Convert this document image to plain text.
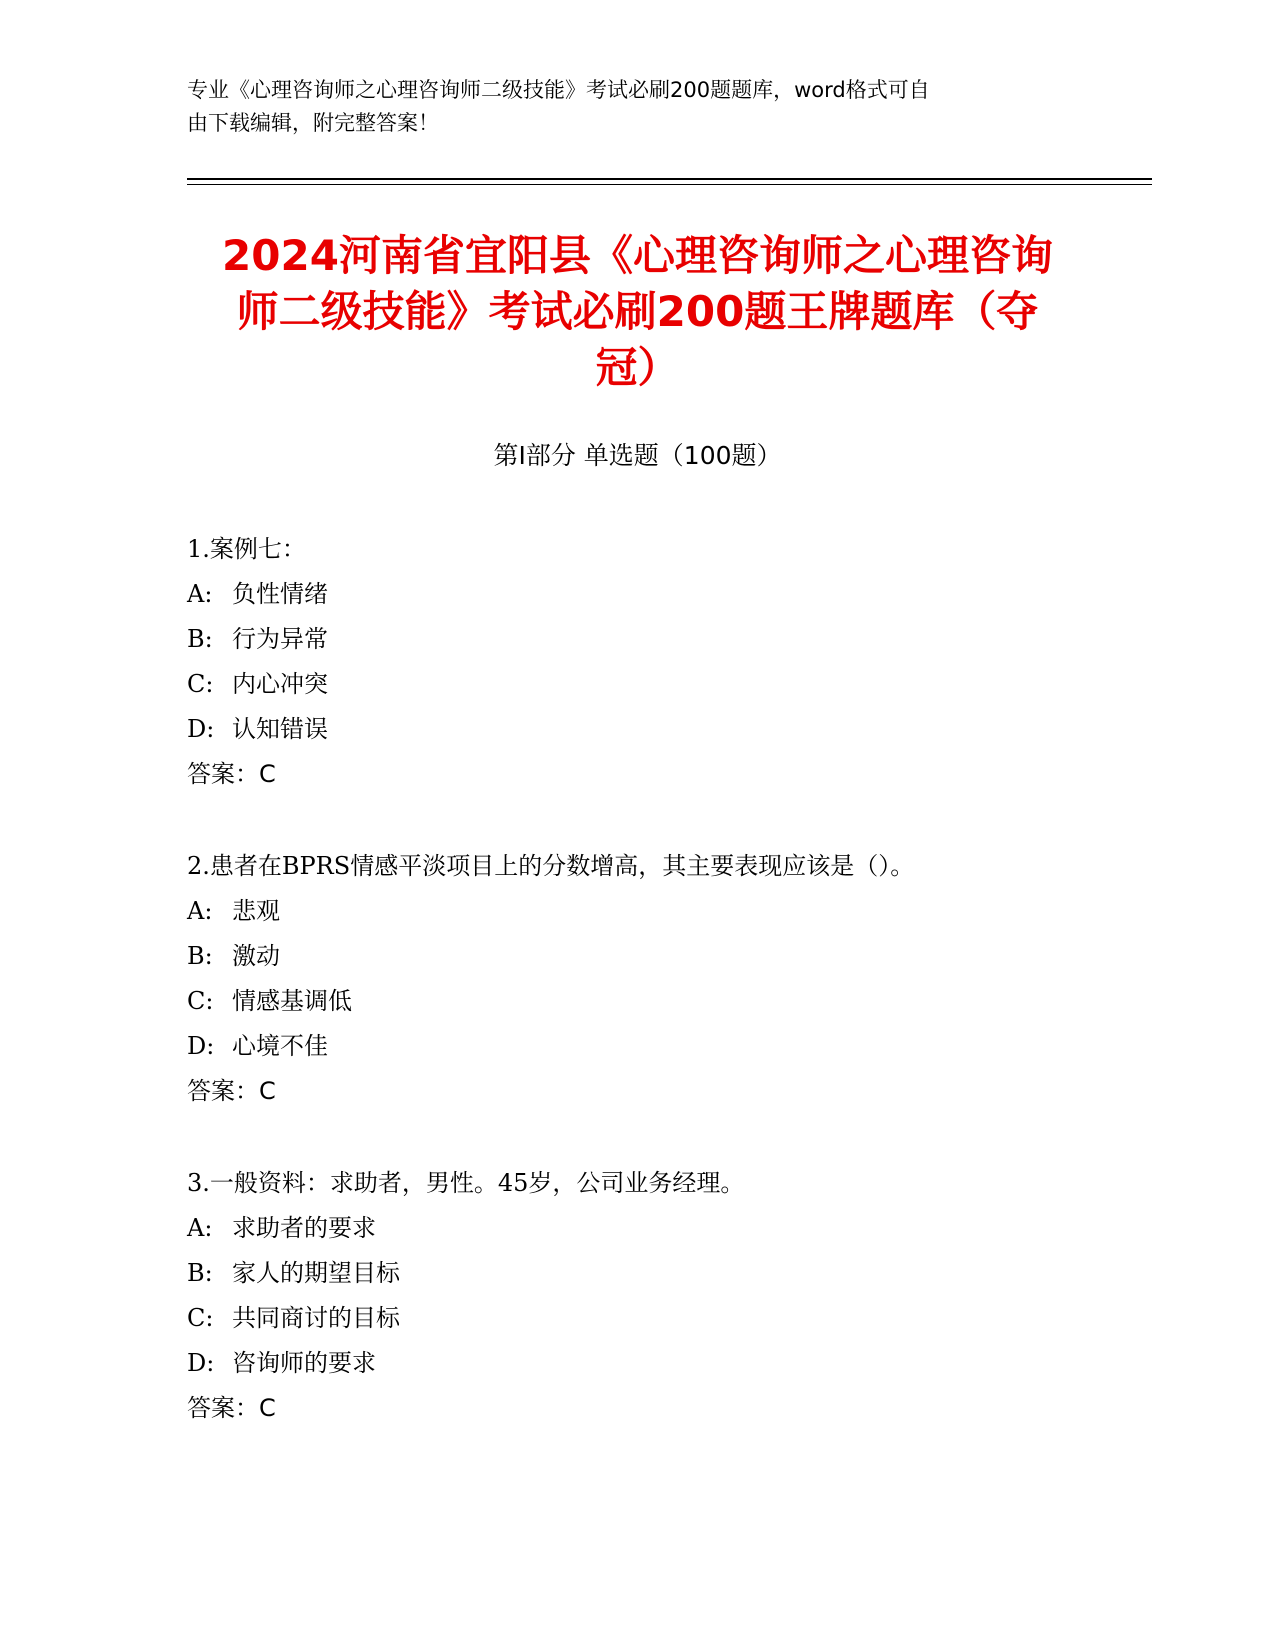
专业《心理咨询师之心理咨询师二级技能》考试必刷200题题库，word格式可自
由下载编辑，附完整答案！
2024河南省宜阳县《心理咨询师之心理咨询
师二级技能》考试必刷200题王牌题库（夺
冠）
第Ⅰ部分 单选题（100题）
1.案例七：
A: 负性情绪
B: 行为异常
C: 内心冲突
D: 认知错误
答案：C
2.患者在BPRS情感平淡项目上的分数增高，其主要表现应该是（）。
A: 悲观
B: 激动
C: 情感基调低
D: 心境不佳
答案：C
3.一般资料：求助者，男性。45岁，公司业务经理。
A: 求助者的要求
B: 家人的期望目标
C: 共同商讨的目标
D: 咨询师的要求
答案：C
